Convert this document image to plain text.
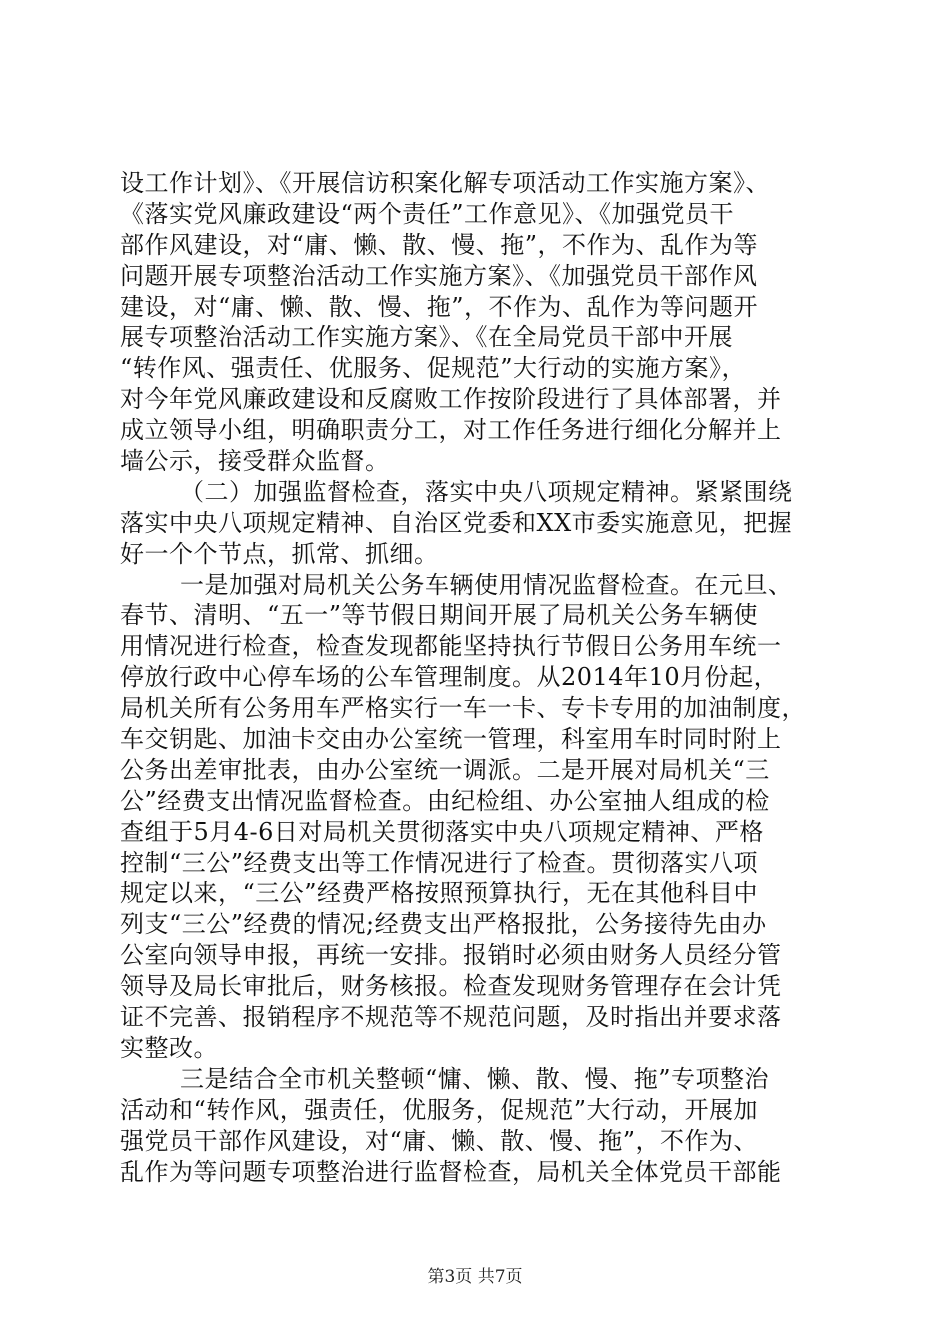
设工作计划》、《开展信访积案化解专项活动工作实施方案》、
《落实党风廉政建设“两个责任”工作意见》、《加强党员干
部作风建设，对“庸、懒、散、慢、拖”，不作为、乱作为等
问题开展专项整治活动工作实施方案》、《加强党员干部作风
建设，对“庸、懒、散、慢、拖”，不作为、乱作为等问题开
展专项整治活动工作实施方案》、《在全局党员干部中开展
“转作风、强责任、优服务、促规范”大行动的实施方案》，
对今年党风廉政建设和反腐败工作按阶段进行了具体部署，并
成立领导小组，明确职责分工，对工作任务进行细化分解并上
墙公示，接受群众监督。
（二）加强监督检查，落实中央八项规定精神。紧紧围绕
落实中央八项规定精神、自治区党委和XX市委实施意见，把握
好一个个节点，抓常、抓细。
一是加强对局机关公务车辆使用情况监督检查。在元旦、
春节、清明、“五一”等节假日期间开展了局机关公务车辆使
用情况进行检查，检查发现都能坚持执行节假日公务用车统一
停放行政中心停车场的公车管理制度。从2014年10月份起，
局机关所有公务用车严格实行一车一卡、专卡专用的加油制度，
车交钥匙、加油卡交由办公室统一管理，科室用车时同时附上
公务出差审批表，由办公室统一调派。二是开展对局机关“三
公”经费支出情况监督检查。由纪检组、办公室抽人组成的检
查组于5月4-6日对局机关贯彻落实中央八项规定精神、严格
控制“三公”经费支出等工作情况进行了检查。贯彻落实八项
规定以来，“三公”经费严格按照预算执行，无在其他科目中
列支“三公”经费的情况;经费支出严格报批，公务接待先由办
公室向领导申报，再统一安排。报销时必须由财务人员经分管
领导及局长审批后，财务核报。检查发现财务管理存在会计凭
证不完善、报销程序不规范等不规范问题，及时指出并要求落
实整改。
三是结合全市机关整顿“慵、懒、散、慢、拖”专项整治
活动和“转作风，强责任，优服务，促规范”大行动，开展加
强党员干部作风建设，对“庸、懒、散、慢、拖”，不作为、
乱作为等问题专项整治进行监督检查，局机关全体党员干部能
第3页 共7页
